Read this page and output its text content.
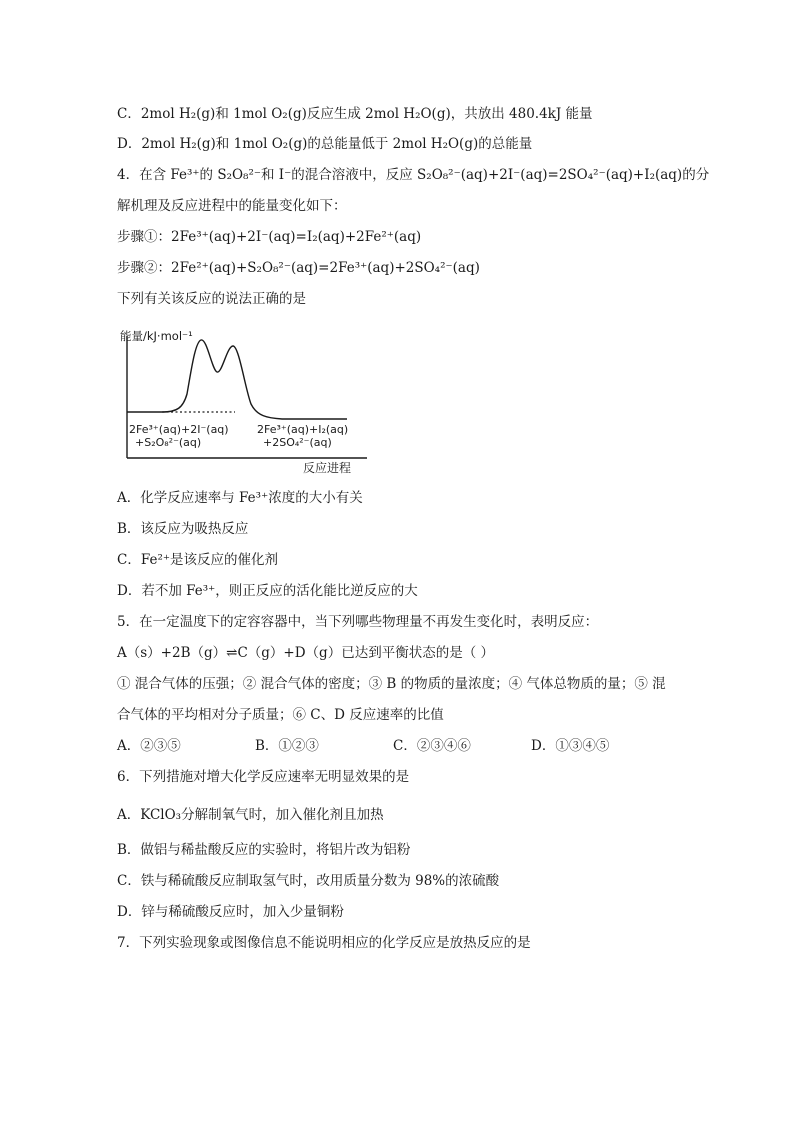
C．2mol H₂(g)和 1mol O₂(g)反应生成 2mol H₂O(g)，共放出 480.4kJ 能量
D．2mol H₂(g)和 1mol O₂(g)的总能量低于 2mol H₂O(g)的总能量
4．在含 Fe³⁺的 S₂O₈²⁻和 I⁻的混合溶液中，反应 S₂O₈²⁻(aq)+2I⁻(aq)=2SO₄²⁻(aq)+I₂(aq)的分
解机理及反应进程中的能量变化如下：
步骤①：2Fe³⁺(aq)+2I⁻(aq)=I₂(aq)+2Fe²⁺(aq)
步骤②：2Fe²⁺(aq)+S₂O₈²⁻(aq)=2Fe³⁺(aq)+2SO₄²⁻(aq)
下列有关该反应的说法正确的是
能量/kJ·mol⁻¹
2Fe³⁺(aq)+2I⁻(aq)
+S₂O₈²⁻(aq)
2Fe³⁺(aq)+I₂(aq)
+2SO₄²⁻(aq)
反应进程
A．化学反应速率与 Fe³⁺浓度的大小有关
B．该反应为吸热反应
C．Fe²⁺是该反应的催化剂
D．若不加 Fe³⁺，则正反应的活化能比逆反应的大
5．在一定温度下的定容容器中，当下列哪些物理量不再发生变化时，表明反应：
A（s）+2B（g）⇌C（g）+D（g）已达到平衡状态的是（ ）
① 混合气体的压强；② 混合气体的密度；③ B 的物质的量浓度；④ 气体总物质的量；⑤ 混
合气体的平均相对分子质量；⑥ C、D 反应速率的比值
A．②③⑤	B．①②③	C．②③④⑥	D．①③④⑤
6．下列措施对增大化学反应速率无明显效果的是
A．KClO₃分解制氧气时，加入催化剂且加热
B．做铝与稀盐酸反应的实验时，将铝片改为铝粉
C．铁与稀硫酸反应制取氢气时，改用质量分数为 98%的浓硫酸
D．锌与稀硫酸反应时，加入少量铜粉
7．下列实验现象或图像信息不能说明相应的化学反应是放热反应的是
